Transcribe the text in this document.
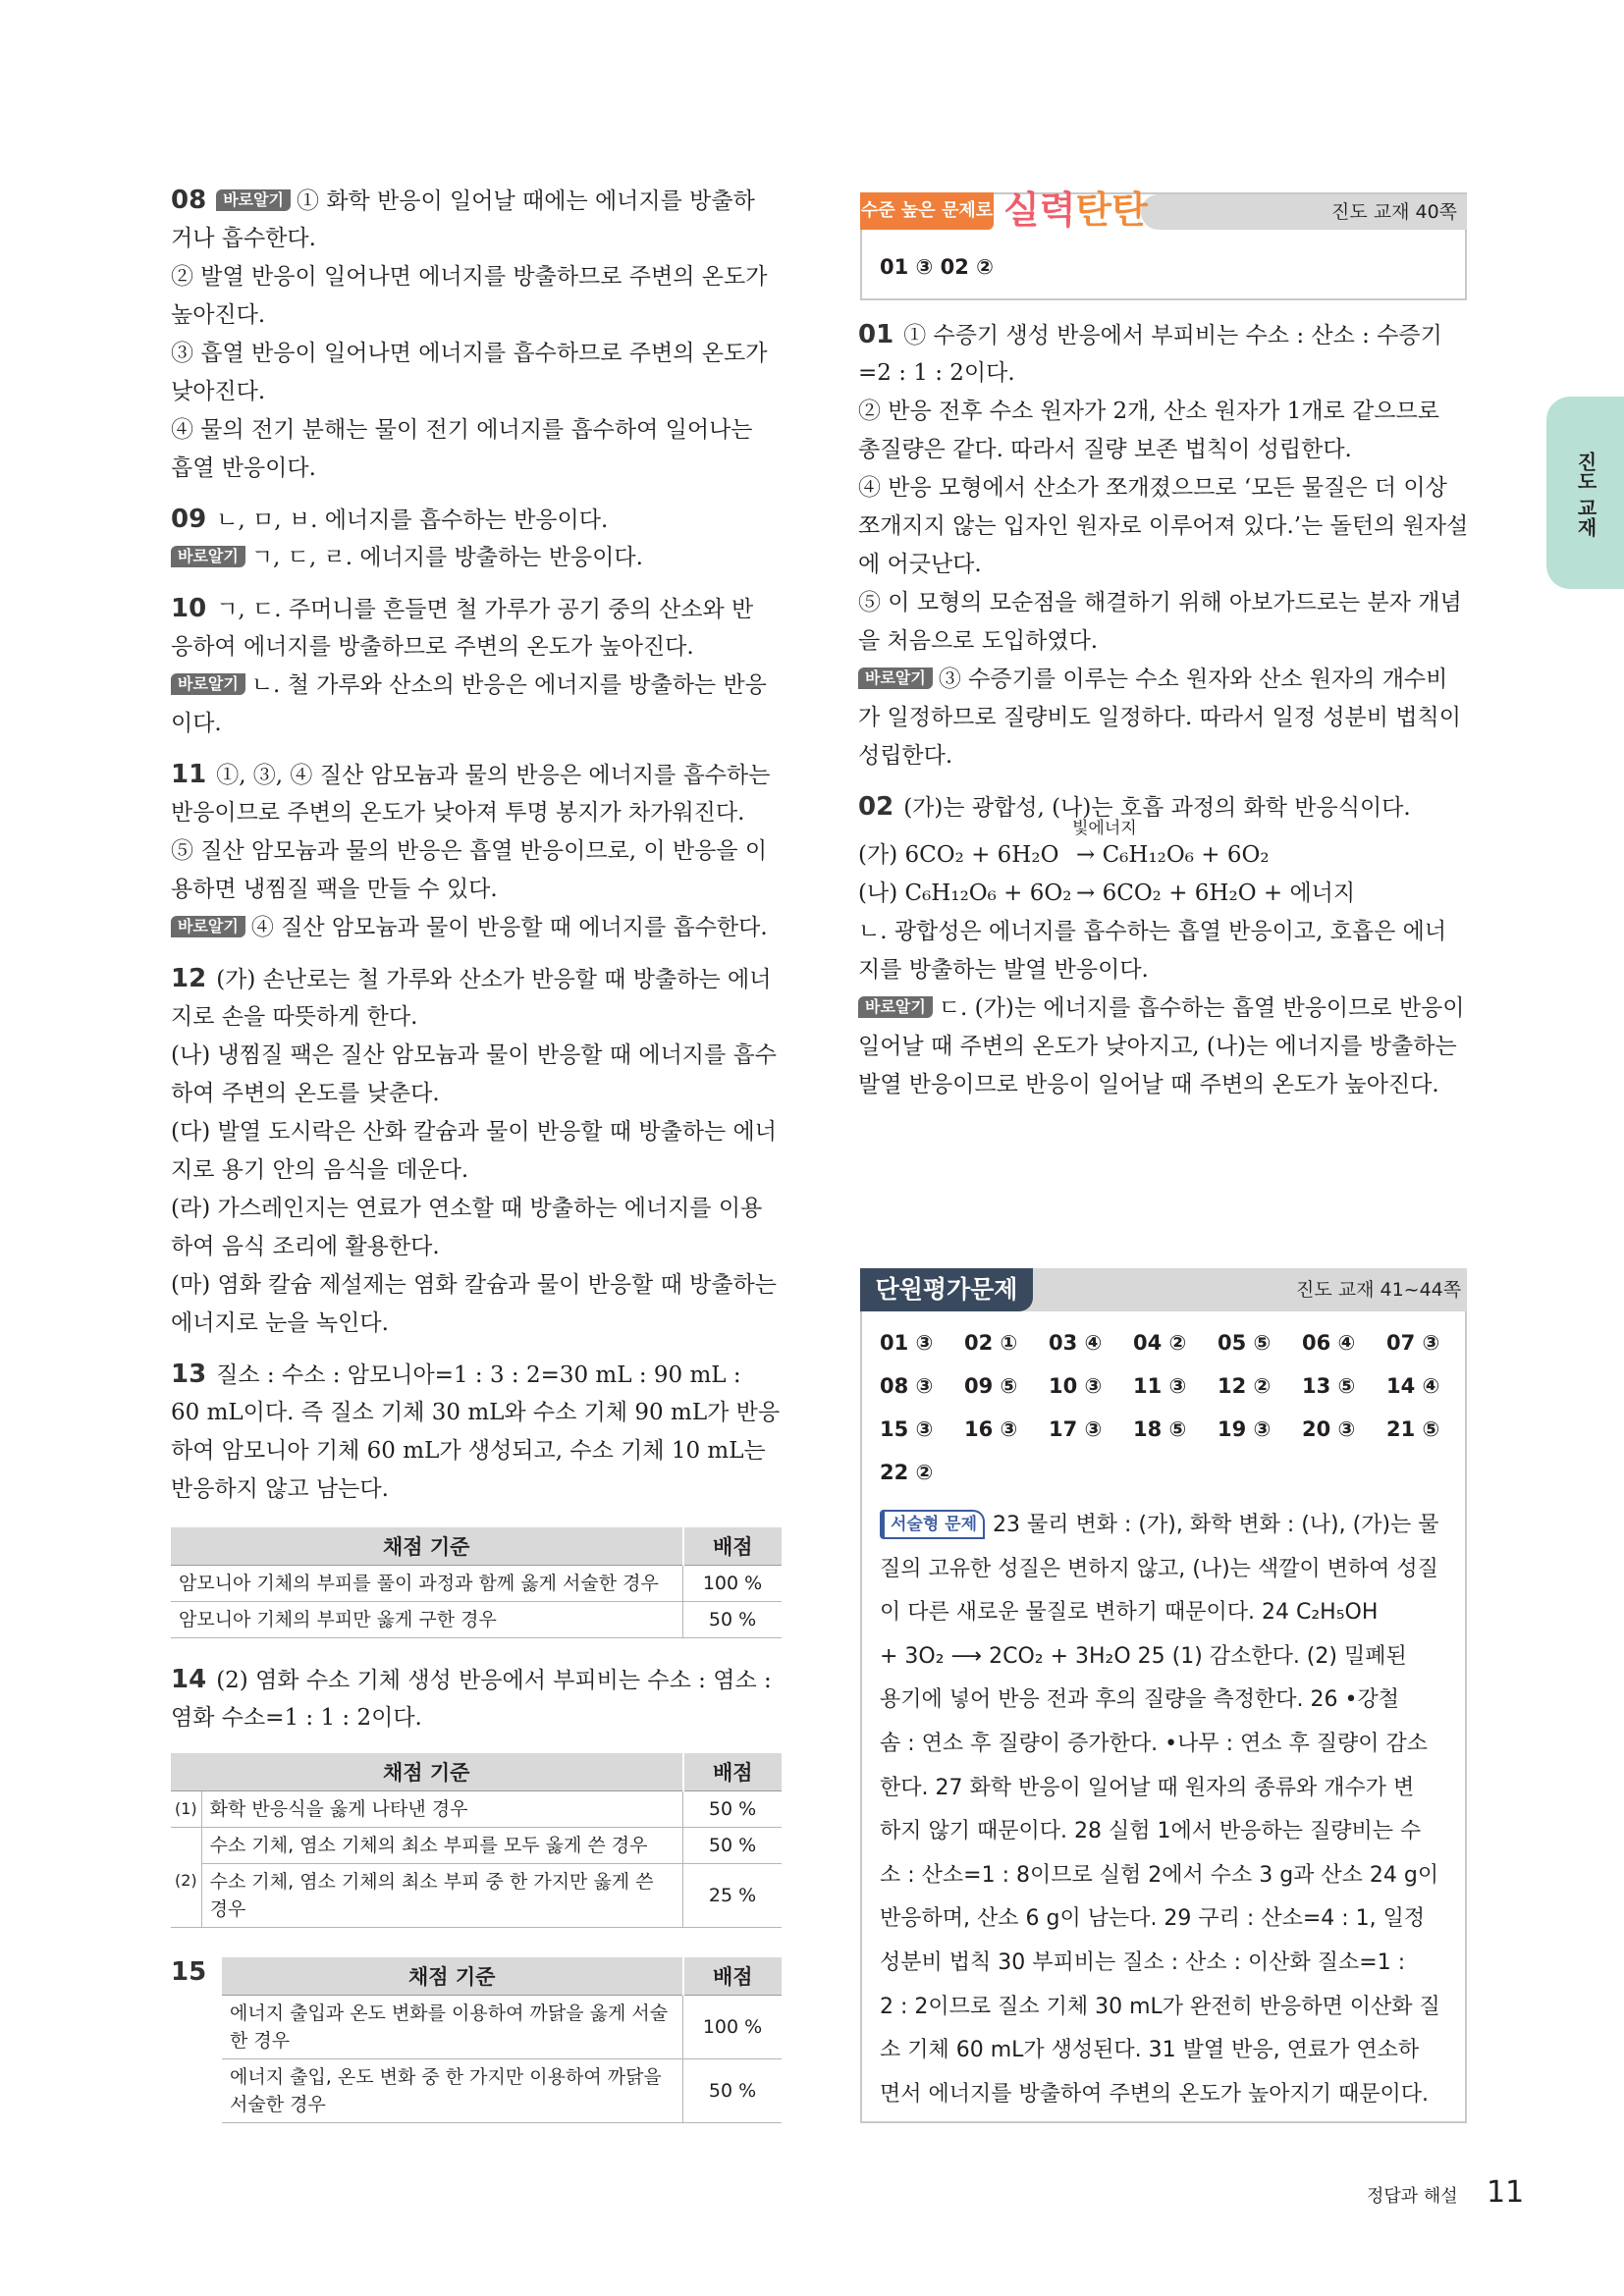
08 바로알기 ① 화학 반응이 일어날 때에는 에너지를 방출하
거나 흡수한다.
② 발열 반응이 일어나면 에너지를 방출하므로 주변의 온도가
높아진다.
③ 흡열 반응이 일어나면 에너지를 흡수하므로 주변의 온도가
낮아진다.
④ 물의 전기 분해는 물이 전기 에너지를 흡수하여 일어나는
흡열 반응이다.
09 ㄴ, ㅁ, ㅂ. 에너지를 흡수하는 반응이다.
바로알기 ㄱ, ㄷ, ㄹ. 에너지를 방출하는 반응이다.
10 ㄱ, ㄷ. 주머니를 흔들면 철 가루가 공기 중의 산소와 반
응하여 에너지를 방출하므로 주변의 온도가 높아진다.
바로알기 ㄴ. 철 가루와 산소의 반응은 에너지를 방출하는 반응
이다.
11 ①, ③, ④ 질산 암모늄과 물의 반응은 에너지를 흡수하는
반응이므로 주변의 온도가 낮아져 투명 봉지가 차가워진다.
⑤ 질산 암모늄과 물의 반응은 흡열 반응이므로, 이 반응을 이
용하면 냉찜질 팩을 만들 수 있다.
바로알기 ④ 질산 암모늄과 물이 반응할 때 에너지를 흡수한다.
12 (가) 손난로는 철 가루와 산소가 반응할 때 방출하는 에너
지로 손을 따뜻하게 한다.
(나) 냉찜질 팩은 질산 암모늄과 물이 반응할 때 에너지를 흡수
하여 주변의 온도를 낮춘다.
(다) 발열 도시락은 산화 칼슘과 물이 반응할 때 방출하는 에너
지로 용기 안의 음식을 데운다.
(라) 가스레인지는 연료가 연소할 때 방출하는 에너지를 이용
하여 음식 조리에 활용한다.
(마) 염화 칼슘 제설제는 염화 칼슘과 물이 반응할 때 방출하는
에너지로 눈을 녹인다.
13 질소 : 수소 : 암모니아=1 : 3 : 2=30 mL : 90 mL :
60 mL이다. 즉 질소 기체 30 mL와 수소 기체 90 mL가 반응
하여 암모니아 기체 60 mL가 생성되고, 수소 기체 10 mL는
반응하지 않고 남는다.
채점 기준	배점
암모니아 기체의 부피를 풀이 과정과 함께 옳게 서술한 경우	100 %
암모니아 기체의 부피만 옳게 구한 경우	50 %
14 (2) 염화 수소 기체 생성 반응에서 부피비는 수소 : 염소 :
염화 수소=1 : 1 : 2이다.
채점 기준		배점
(1)	화학 반응식을 옳게 나타낸 경우	50 %
(2)	수소 기체, 염소 기체의 최소 부피를 모두 옳게 쓴 경우	50 %
	수소 기체, 염소 기체의 최소 부피 중 한 가지만 옳게 쓴
경우	25 %
15	채점 기준	배점
에너지 출입과 온도 변화를 이용하여 까닭을 옳게 서술
한 경우	100 %
에너지 출입, 온도 변화 중 한 가지만 이용하여 까닭을
서술한 경우	50 %
수준 높은 문제로 실력탄탄	진도 교재 40쪽
01 ③ 02 ②
01 ① 수증기 생성 반응에서 부피비는 수소 : 산소 : 수증기
=2 : 1 : 2이다.
② 반응 전후 수소 원자가 2개, 산소 원자가 1개로 같으므로
총질량은 같다. 따라서 질량 보존 법칙이 성립한다.
④ 반응 모형에서 산소가 쪼개졌으므로 ‘모든 물질은 더 이상
쪼개지지 않는 입자인 원자로 이루어져 있다.’는 돌턴의 원자설
에 어긋난다.
⑤ 이 모형의 모순점을 해결하기 위해 아보가드로는 분자 개념
을 처음으로 도입하였다.
바로알기 ③ 수증기를 이루는 수소 원자와 산소 원자의 개수비
가 일정하므로 질량비도 일정하다. 따라서 일정 성분비 법칙이
성립한다.
02 (가)는 광합성, (나)는 호흡 과정의 화학 반응식이다.
(가) 6CO₂ + 6H₂O
빛에너지
→ C₆H₁₂O₆ + 6O₂
(나) C₆H₁₂O₆ + 6O₂ → 6CO₂ + 6H₂O + 에너지
ㄴ. 광합성은 에너지를 흡수하는 흡열 반응이고, 호흡은 에너
지를 방출하는 발열 반응이다.
바로알기 ㄷ. (가)는 에너지를 흡수하는 흡열 반응이므로 반응이
일어날 때 주변의 온도가 낮아지고, (나)는 에너지를 방출하는
발열 반응이므로 반응이 일어날 때 주변의 온도가 높아진다.
단원평가문제	진도 교재 41~44쪽
01 ③ 02 ① 03 ④ 04 ② 05 ⑤ 06 ④ 07 ③
08 ③ 09 ⑤ 10 ③ 11 ③ 12 ② 13 ⑤ 14 ④
15 ③ 16 ③ 17 ③ 18 ⑤ 19 ③ 20 ③ 21 ⑤
22 ②
서술형 문제 23 물리 변화 : (가), 화학 변화 : (나), (가)는 물
질의 고유한 성질은 변하지 않고, (나)는 색깔이 변하여 성질
이 다른 새로운 물질로 변하기 때문이다. 24 C₂H₅OH
+ 3O₂ ⟶ 2CO₂ + 3H₂O 25 (1) 감소한다. (2) 밀폐된
용기에 넣어 반응 전과 후의 질량을 측정한다. 26 •강철
솜 : 연소 후 질량이 증가한다. •나무 : 연소 후 질량이 감소
한다. 27 화학 반응이 일어날 때 원자의 종류와 개수가 변
하지 않기 때문이다. 28 실험 1에서 반응하는 질량비는 수
소 : 산소=1 : 8이므로 실험 2에서 수소 3 g과 산소 24 g이
반응하며, 산소 6 g이 남는다. 29 구리 : 산소=4 : 1, 일정
성분비 법칙 30 부피비는 질소 : 산소 : 이산화 질소=1 :
2 : 2이므로 질소 기체 30 mL가 완전히 반응하면 이산화 질
소 기체 60 mL가 생성된다. 31 발열 반응, 연료가 연소하
면서 에너지를 방출하여 주변의 온도가 높아지기 때문이다.
진도 교재
정답과 해설 11
